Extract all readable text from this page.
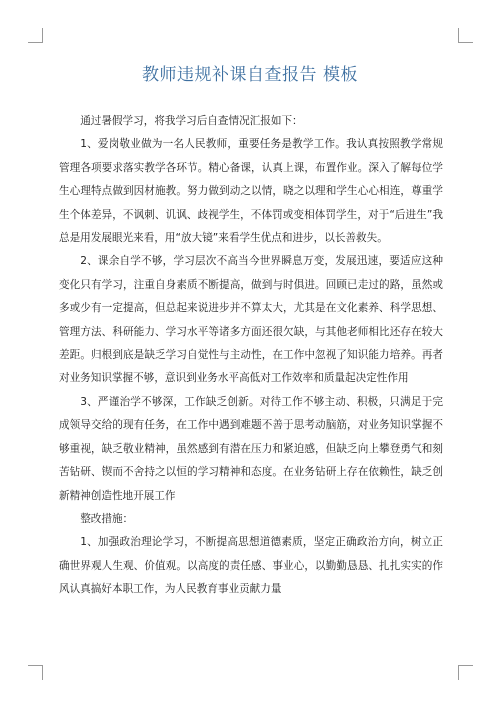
教师违规补课自查报告 模板

通过暑假学习，将我学习后自查情况汇报如下：

1、爱岗敬业做为一名人民教师，重要任务是教学工作。我认真按照教学常规管理各项要求落实教学各环节。精心备课，认真上课，布置作业。深入了解每位学生心理特点做到因材施教。努力做到动之以情，晓之以理和学生心心相连，尊重学生个体差异，不讽刺、讥讽、歧视学生，不体罚或变相体罚学生，对于“后进生”我总是用发展眼光来看，用“放大镜”来看学生优点和进步，以长善救失。

2、课余自学不够，学习层次不高当今世界瞬息万变，发展迅速，要适应这种变化只有学习，注重自身素质不断提高，做到与时俱进。回顾已走过的路，虽然或多或少有一定提高，但总起来说进步并不算太大，尤其是在文化素养、科学思想、管理方法、科研能力、学习水平等诸多方面还很欠缺，与其他老师相比还存在较大差距。归根到底是缺乏学习自觉性与主动性，在工作中忽视了知识能力培养。再者对业务知识掌握不够，意识到业务水平高低对工作效率和质量起决定性作用

3、严谨治学不够深，工作缺乏创新。对待工作不够主动、积极，只满足于完成领导交给的现有任务，在工作中遇到难题不善于思考动脑筋，对业务知识掌握不够重视，缺乏敬业精神，虽然感到有潜在压力和紧迫感，但缺乏向上攀登勇气和刻苦钻研、锲而不舍持之以恒的学习精神和态度。在业务钻研上存在依赖性，缺乏创新精神创造性地开展工作

整改措施：

1、加强政治理论学习，不断提高思想道德素质，坚定正确政治方向，树立正确世界观人生观、价值观。以高度的责任感、事业心，以勤勤恳恳、扎扎实实的作风认真搞好本职工作，为人民教育事业贡献力量
